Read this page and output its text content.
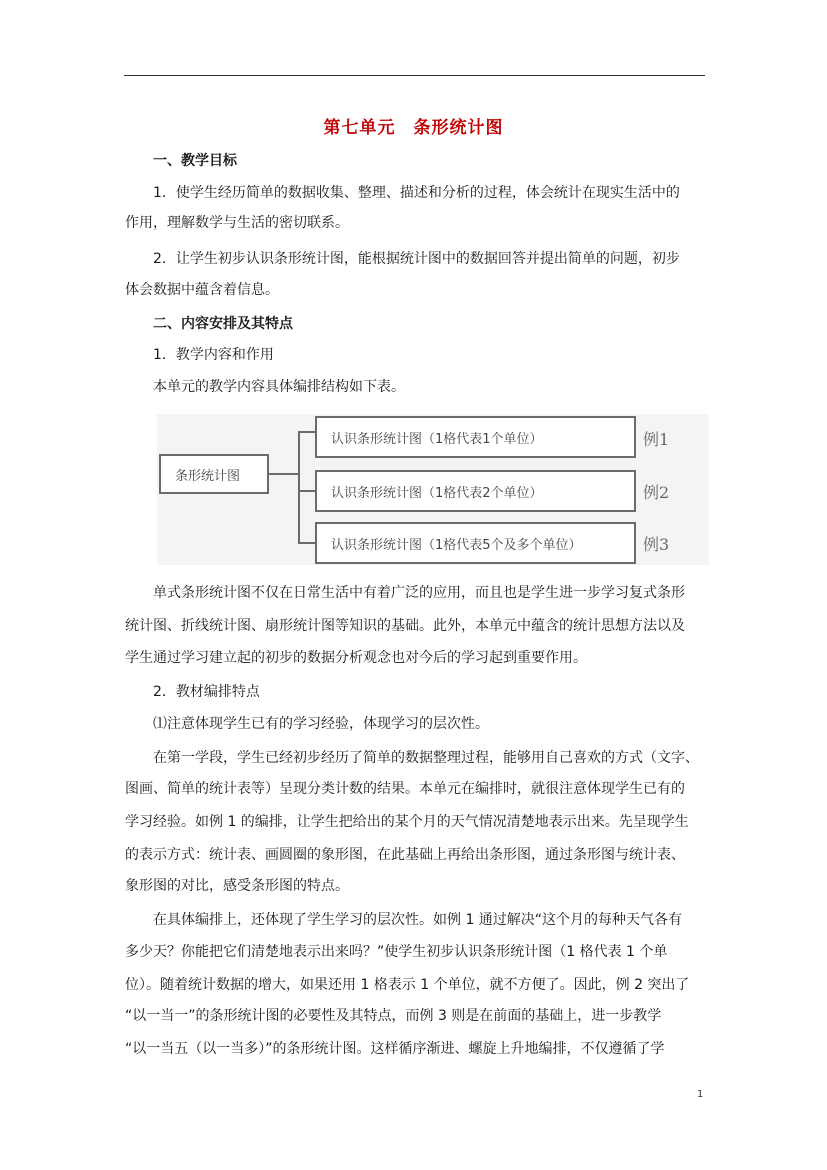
第七单元　条形统计图
一、教学目标
1．使学生经历简单的数据收集、整理、描述和分析的过程，体会统计在现实生活中的
作用，理解数学与生活的密切联系。
2．让学生初步认识条形统计图，能根据统计图中的数据回答并提出简单的问题，初步
体会数据中蕴含着信息。
二、内容安排及其特点
1．教学内容和作用
本单元的教学内容具体编排结构如下表。
条形统计图
认识条形统计图（1格代表1个单位）	例1
认识条形统计图（1格代表2个单位）	例2
认识条形统计图（1格代表5个及多个单位）	例3
单式条形统计图不仅在日常生活中有着广泛的应用，而且也是学生进一步学习复式条形
统计图、折线统计图、扇形统计图等知识的基础。此外，本单元中蕴含的统计思想方法以及
学生通过学习建立起的初步的数据分析观念也对今后的学习起到重要作用。
2．教材编排特点
⑴注意体现学生已有的学习经验，体现学习的层次性。
在第一学段，学生已经初步经历了简单的数据整理过程，能够用自己喜欢的方式（文字、
图画、简单的统计表等）呈现分类计数的结果。本单元在编排时，就很注意体现学生已有的
学习经验。如例 1 的编排，让学生把给出的某个月的天气情况清楚地表示出来。先呈现学生
的表示方式：统计表、画圆圈的象形图，在此基础上再给出条形图，通过条形图与统计表、
象形图的对比，感受条形图的特点。
在具体编排上，还体现了学生学习的层次性。如例 1 通过解决“这个月的每种天气各有
多少天？你能把它们清楚地表示出来吗？”使学生初步认识条形统计图（1 格代表 1 个单
位）。随着统计数据的增大，如果还用 1 格表示 1 个单位，就不方便了。因此，例 2 突出了
“以一当一”的条形统计图的必要性及其特点，而例 3 则是在前面的基础上，进一步教学
“以一当五（以一当多）”的条形统计图。这样循序渐进、螺旋上升地编排，不仅遵循了学
1
